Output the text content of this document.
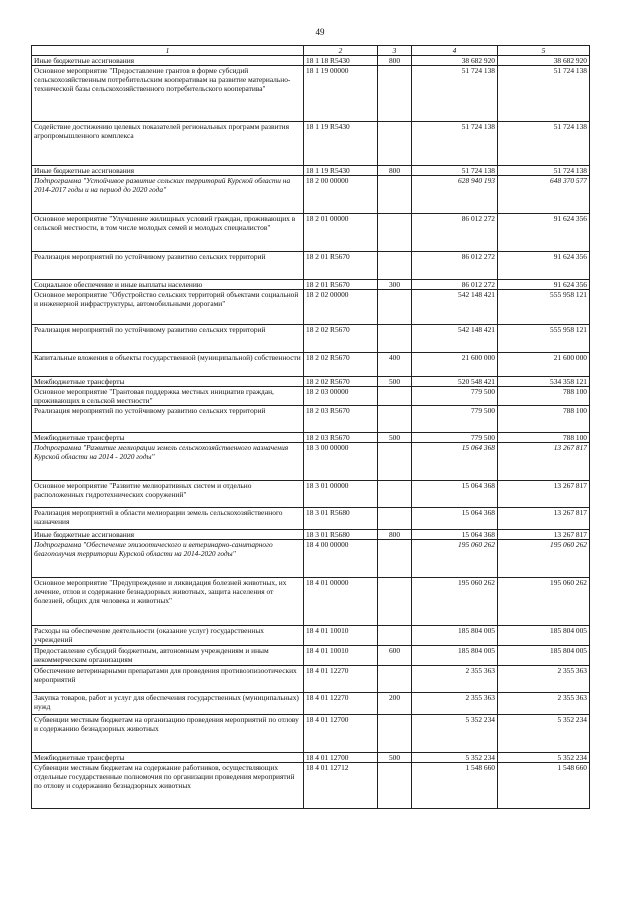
49
1	2	3	4	5
Иные бюджетные ассигнования	18 1 18 R5430	800	38 682 920	38 682 920
Основное мероприятие "Предоставление грантов в форме субсидий сельскохозяйственным потребительским кооперативам на развитие материально-технической базы сельскохозяйственного потребительского кооператива"	18 1 19 00000		51 724 138	51 724 138
Содействие достижению целевых показателей региональных программ развития агропромышленного комплекса	18 1 19 R5430		51 724 138	51 724 138
Иные бюджетные ассигнования	18 1 19 R5430	800	51 724 138	51 724 138
Подпрограмма "Устойчивое развитие сельских территорий Курской области на 2014-2017 годы и на период до 2020 года"	18 2 00 00000		628 940 193	648 370 577
Основное мероприятие "Улучшение жилищных условий граждан, проживающих в сельской местности, в том числе молодых семей и молодых специалистов"	18 2 01 00000		86 012 272	91 624 356
Реализация мероприятий по устойчивому развитию сельских территорий	18 2 01 R5670		86 012 272	91 624 356
Социальное обеспечение и иные выплаты населению	18 2 01 R5670	300	86 012 272	91 624 356
Основное мероприятие "Обустройство сельских территорий объектами социальной и инженерной инфраструктуры, автомобильными дорогами"	18 2 02 00000		542 148 421	555 958 121
Реализация мероприятий по устойчивому развитию сельских территорий	18 2 02 R5670		542 148 421	555 958 121
Капитальные вложения в объекты государственной (муниципальной) собственности	18 2 02 R5670	400	21 600 000	21 600 000
Межбюджетные трансферты	18 2 02 R5670	500	520 548 421	534 358 121
Основное мероприятие "Грантовая поддержка местных инициатив граждан, проживающих в сельской местности"	18 2 03 00000		779 500	788 100
Реализация мероприятий по устойчивому развитию сельских территорий	18 2 03 R5670		779 500	788 100
Межбюджетные трансферты	18 2 03 R5670	500	779 500	788 100
Подпрограмма "Развитие мелиорации земель сельскохозяйственного назначения Курской области на 2014 - 2020 годы"	18 3 00 00000		15 064 368	13 267 817
Основное мероприятие "Развитие мелиоративных систем и отдельно расположенных гидротехнических сооружений"	18 3 01 00000		15 064 368	13 267 817
Реализация мероприятий в области мелиорации земель сельскохозяйственного назначения	18 3 01 R5680		15 064 368	13 267 817
Иные бюджетные ассигнования	18 3 01 R5680	800	15 064 368	13 267 817
Подпрограмма "Обеспечение эпизоотического и ветеринарно-санитарного благополучия территории Курской области на 2014-2020 годы"	18 4 00 00000		195 060 262	195 060 262
Основное мероприятие "Предупреждение и ликвидация болезней животных, их лечение, отлов и содержание безнадзорных животных, защита населения от болезней, общих для человека и животных"	18 4 01 00000		195 060 262	195 060 262
Расходы на обеспечение деятельности (оказание услуг) государственных учреждений	18 4 01 10010		185 804 005	185 804 005
Предоставление субсидий бюджетным, автономным учреждениям и иным некоммерческим организациям	18 4 01 10010	600	185 804 005	185 804 005
Обеспечение ветеринарными препаратами для проведения противоэпизоотических мероприятий	18 4 01 12270		2 355 363	2 355 363
Закупка товаров, работ и услуг для обеспечения государственных (муниципальных) нужд	18 4 01 12270	200	2 355 363	2 355 363
Субвенции местным бюджетам на организацию проведения мероприятий по отлову и содержанию безнадзорных животных	18 4 01 12700		5 352 234	5 352 234
Межбюджетные трансферты	18 4 01 12700	500	5 352 234	5 352 234
Субвенции местным бюджетам на содержание работников, осуществляющих отдельные государственные полномочия по организации проведения мероприятий по отлову и содержанию безнадзорных животных	18 4 01 12712		1 548 660	1 548 660
